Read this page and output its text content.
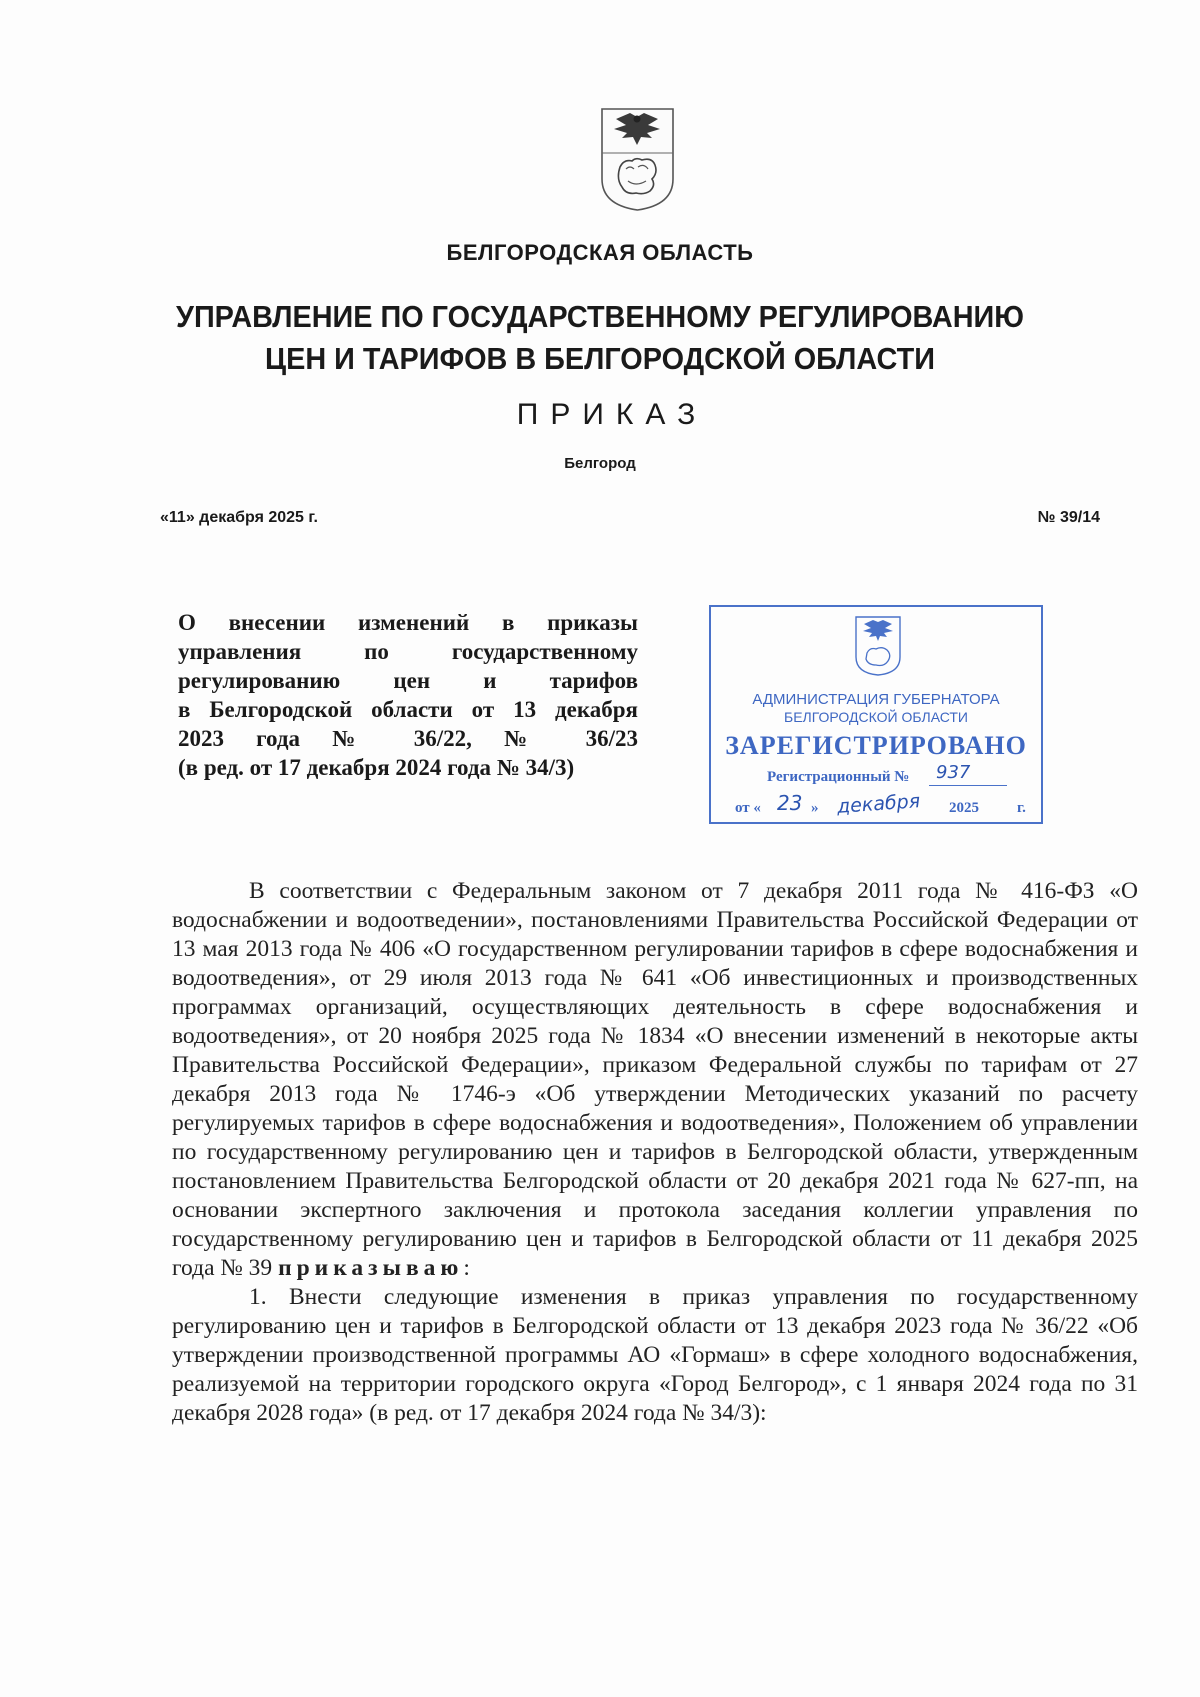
БЕЛГОРОДСКАЯ ОБЛАСТЬ
УПРАВЛЕНИЕ ПО ГОСУДАРСТВЕННОМУ РЕГУЛИРОВАНИЮ
ЦЕН И ТАРИФОВ В БЕЛГОРОДСКОЙ ОБЛАСТИ
ПРИКАЗ
Белгород
«11» декабря 2025 г.	№ 39/14
О внесении изменений в приказы
управления по государственному
регулированию цен и тарифов
в Белгородской области от 13 декабря
2023 года № 36/22, № 36/23
(в ред. от 17 декабря 2024 года № 34/3)
АДМИНИСТРАЦИЯ ГУБЕРНАТОРА
БЕЛГОРОДСКОЙ ОБЛАСТИ
ЗАРЕГИСТРИРОВАНО
Регистрационный № 937
от « 23 » декабря 2025	г.

В соответствии с Федеральным законом от 7 декабря 2011 года № 416-ФЗ «О водоснабжении и водоотведении», постановлениями Правительства Российской Федерации от 13 мая 2013 года № 406 «О государственном регулировании тарифов в сфере водоснабжения и водоотведения», от 29 июля 2013 года № 641 «Об инвестиционных и производственных программах организаций, осуществляющих деятельность в сфере водоснабжения и водоотведения», от 20 ноября 2025 года № 1834 «О внесении изменений в некоторые акты Правительства Российской Федерации», приказом Федеральной службы по тарифам от 27 декабря 2013 года № 1746-э «Об утверждении Методических указаний по расчету регулируемых тарифов в сфере водоснабжения и водоотведения», Положением об управлении по государственному регулированию цен и тарифов в Белгородской области, утвержденным постановлением Правительства Белгородской области от 20 декабря 2021 года № 627-пп, на основании экспертного заключения и протокола заседания коллегии управления по государственному регулированию цен и тарифов в Белгородской области от 11 декабря 2025 года № 39 приказываю:

1. Внести следующие изменения в приказ управления по государственному регулированию цен и тарифов в Белгородской области от 13 декабря 2023 года № 36/22 «Об утверждении производственной программы АО «Гормаш» в сфере холодного водоснабжения, реализуемой на территории городского округа «Город Белгород», с 1 января 2024 года по 31 декабря 2028 года» (в ред. от 17 декабря 2024 года № 34/3):
